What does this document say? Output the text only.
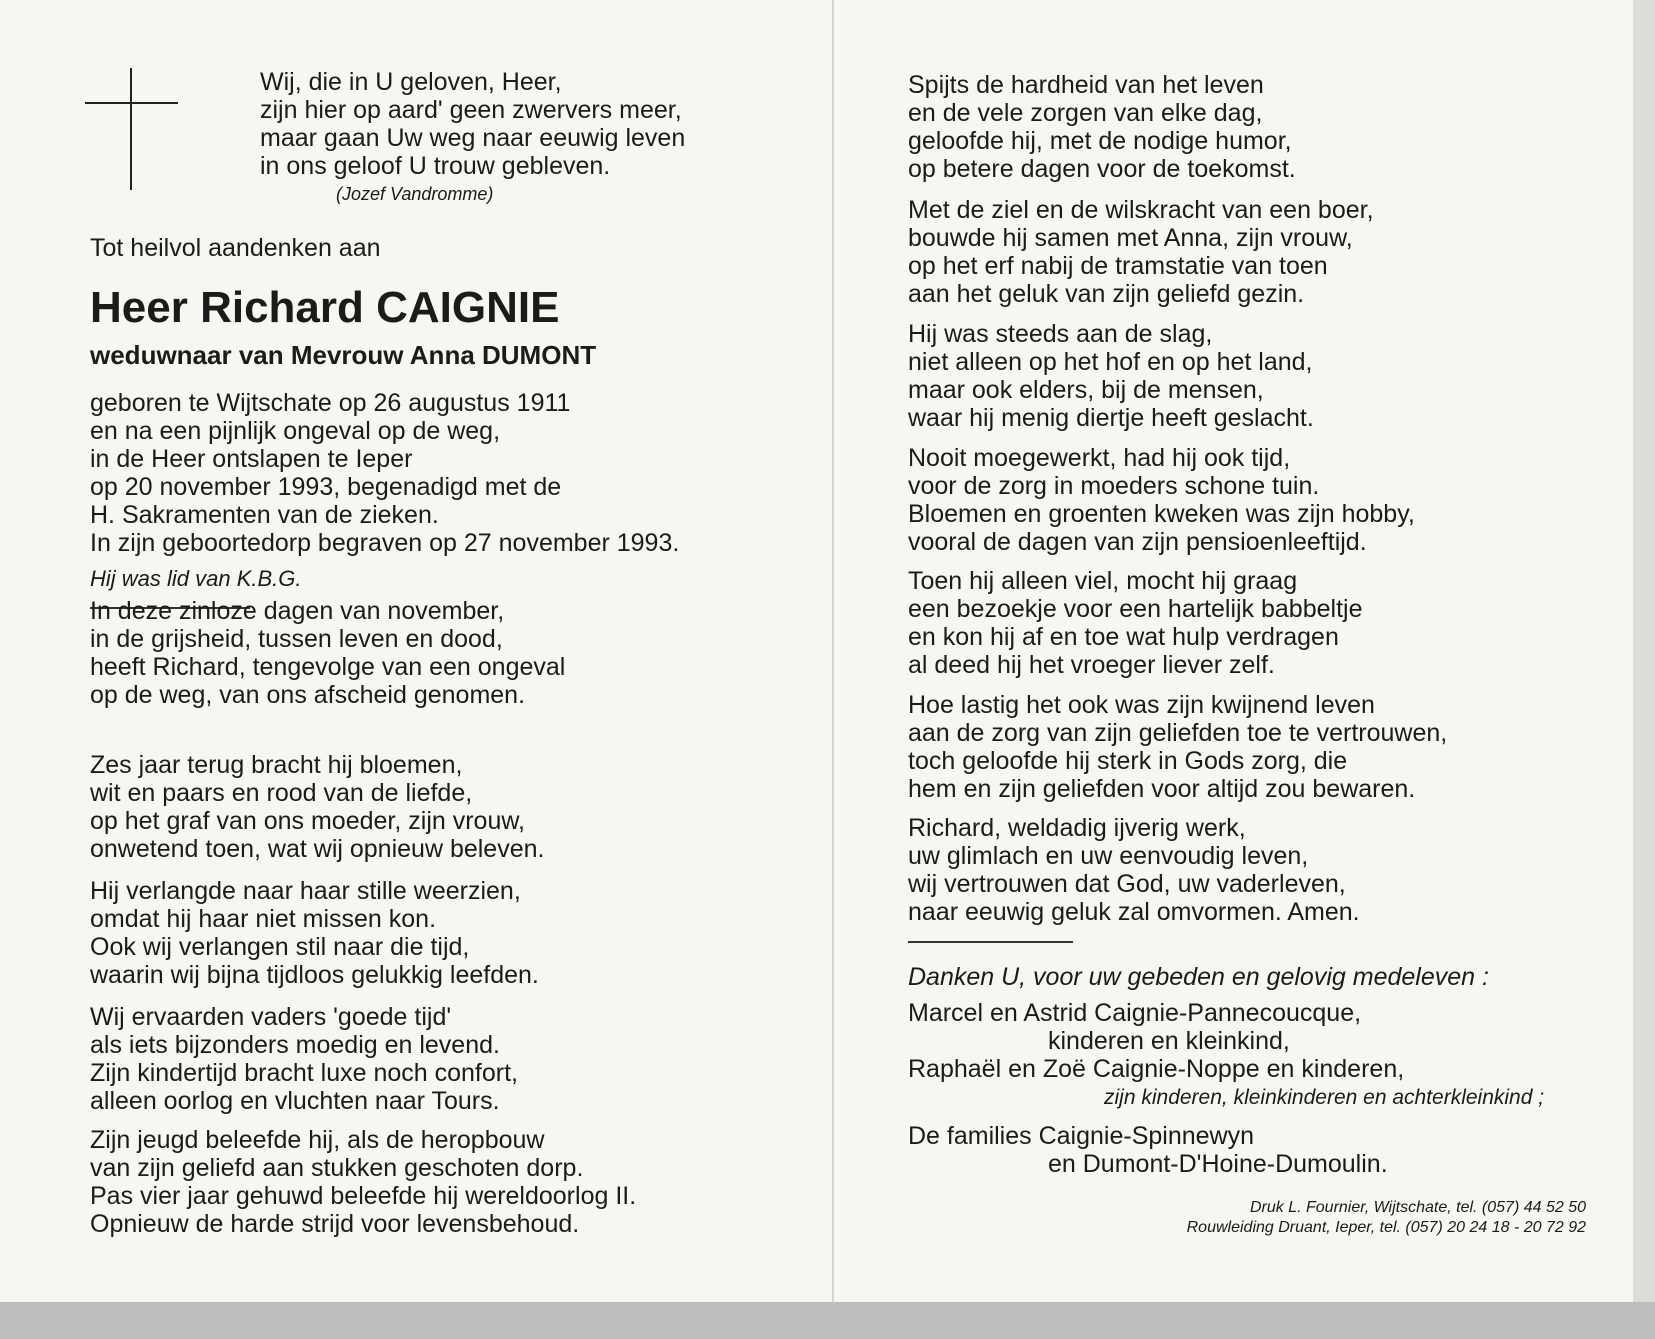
Wij, die in U geloven, Heer,
zijn hier op aard' geen zwervers meer,
maar gaan Uw weg naar eeuwig leven
in ons geloof U trouw gebleven.
(Jozef Vandromme)
Tot heilvol aandenken aan
Heer Richard CAIGNIE
weduwnaar van Mevrouw Anna DUMONT
geboren te Wijtschate op 26 augustus 1911
en na een pijnlijk ongeval op de weg,
in de Heer ontslapen te Ieper
op 20 november 1993, begenadigd met de
H. Sakramenten van de zieken.
In zijn geboortedorp begraven op 27 november 1993.
Hij was lid van K.B.G.
In deze zinloze dagen van november,
in de grijsheid, tussen leven en dood,
heeft Richard, tengevolge van een ongeval
op de weg, van ons afscheid genomen.
Zes jaar terug bracht hij bloemen,
wit en paars en rood van de liefde,
op het graf van ons moeder, zijn vrouw,
onwetend toen, wat wij opnieuw beleven.
Hij verlangde naar haar stille weerzien,
omdat hij haar niet missen kon.
Ook wij verlangen stil naar die tijd,
waarin wij bijna tijdloos gelukkig leefden.
Wij ervaarden vaders 'goede tijd'
als iets bijzonders moedig en levend.
Zijn kindertijd bracht luxe noch confort,
alleen oorlog en vluchten naar Tours.
Zijn jeugd beleefde hij, als de heropbouw
van zijn geliefd aan stukken geschoten dorp.
Pas vier jaar gehuwd beleefde hij wereldoorlog II.
Opnieuw de harde strijd voor levensbehoud.
Spijts de hardheid van het leven
en de vele zorgen van elke dag,
geloofde hij, met de nodige humor,
op betere dagen voor de toekomst.
Met de ziel en de wilskracht van een boer,
bouwde hij samen met Anna, zijn vrouw,
op het erf nabij de tramstatie van toen
aan het geluk van zijn geliefd gezin.
Hij was steeds aan de slag,
niet alleen op het hof en op het land,
maar ook elders, bij de mensen,
waar hij menig diertje heeft geslacht.
Nooit moegewerkt, had hij ook tijd,
voor de zorg in moeders schone tuin.
Bloemen en groenten kweken was zijn hobby,
vooral de dagen van zijn pensioenleeftijd.
Toen hij alleen viel, mocht hij graag
een bezoekje voor een hartelijk babbeltje
en kon hij af en toe wat hulp verdragen
al deed hij het vroeger liever zelf.
Hoe lastig het ook was zijn kwijnend leven
aan de zorg van zijn geliefden toe te vertrouwen,
toch geloofde hij sterk in Gods zorg, die
hem en zijn geliefden voor altijd zou bewaren.
Richard, weldadig ijverig werk,
uw glimlach en uw eenvoudig leven,
wij vertrouwen dat God, uw vaderleven,
naar eeuwig geluk zal omvormen. Amen.
Danken U, voor uw gebeden en gelovig medeleven :
Marcel en Astrid Caignie-Pannecoucque,
kinderen en kleinkind,
Raphaël en Zoë Caignie-Noppe en kinderen,
zijn kinderen, kleinkinderen en achterkleinkind ;
De families Caignie-Spinnewyn
en Dumont-D'Hoine-Dumoulin.
Druk L. Fournier, Wijtschate, tel. (057) 44 52 50
Rouwleiding Druant, Ieper, tel. (057) 20 24 18 - 20 72 92
